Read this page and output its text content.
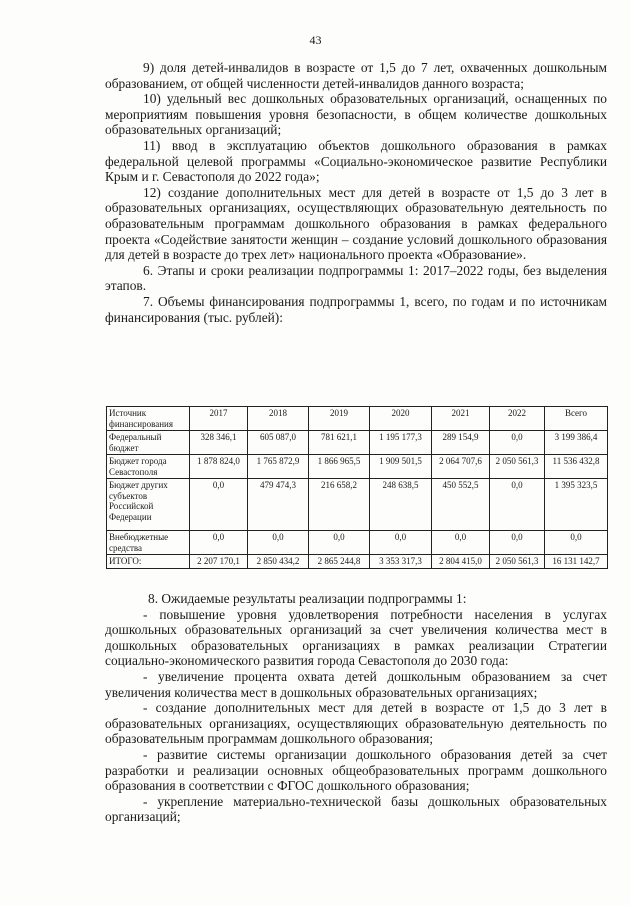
43

9) доля детей-инвалидов в возрасте от 1,5 до 7 лет, охваченных дошкольным образованием, от общей численности детей-инвалидов данного возраста;

10) удельный вес дошкольных образовательных организаций, оснащенных по мероприятиям повышения уровня безопасности, в общем количестве дошкольных образовательных организаций;

11) ввод в эксплуатацию объектов дошкольного образования в рамках федеральной целевой программы «Социально-экономическое развитие Республики Крым и г. Севастополя до 2022 года»;

12) создание дополнительных мест для детей в возрасте от 1,5 до 3 лет в образовательных организациях, осуществляющих образовательную деятельность по образовательным программам дошкольного образования в рамках федерального проекта «Содействие занятости женщин – создание условий дошкольного образования для детей в возрасте до трех лет» национального проекта «Образование».

6. Этапы и сроки реализации подпрограммы 1: 2017–2022 годы, без выделения этапов.

7. Объемы финансирования подпрограммы 1, всего, по годам и по источникам финансирования (тыс. рублей):

Источник финансирования	2017	2018	2019	2020	2021	2022	Всего
Федеральный бюджет	328 346,1	605 087,0	781 621,1	1 195 177,3	289 154,9	0,0	3 199 386,4
Бюджет города Севастополя	1 878 824,0	1 765 872,9	1 866 965,5	1 909 501,5	2 064 707,6	2 050 561,3	11 536 432,8
Бюджет других субъектов Российской Федерации	0,0	479 474,3	216 658,2	248 638,5	450 552,5	0,0	1 395 323,5
Внебюджетные средства	0,0	0,0	0,0	0,0	0,0	0,0	0,0
ИТОГО:	2 207 170,1	2 850 434,2	2 865 244,8	3 353 317,3	2 804 415,0	2 050 561,3	16 131 142,7

8. Ожидаемые результаты реализации подпрограммы 1:

- повышение уровня удовлетворения потребности населения в услугах дошкольных образовательных организаций за счет увеличения количества мест в дошкольных образовательных организациях в рамках реализации Стратегии социально-экономического развития города Севастополя до 2030 года:

- увеличение процента охвата детей дошкольным образованием за счет увеличения количества мест в дошкольных образовательных организациях;

- создание дополнительных мест для детей в возрасте от 1,5 до 3 лет в образовательных организациях, осуществляющих образовательную деятельность по образовательным программам дошкольного образования;

- развитие системы организации дошкольного образования детей за счет разработки и реализации основных общеобразовательных программ дошкольного образования в соответствии с ФГОС дошкольного образования;

- укрепление материально-технической базы дошкольных образовательных организаций;
